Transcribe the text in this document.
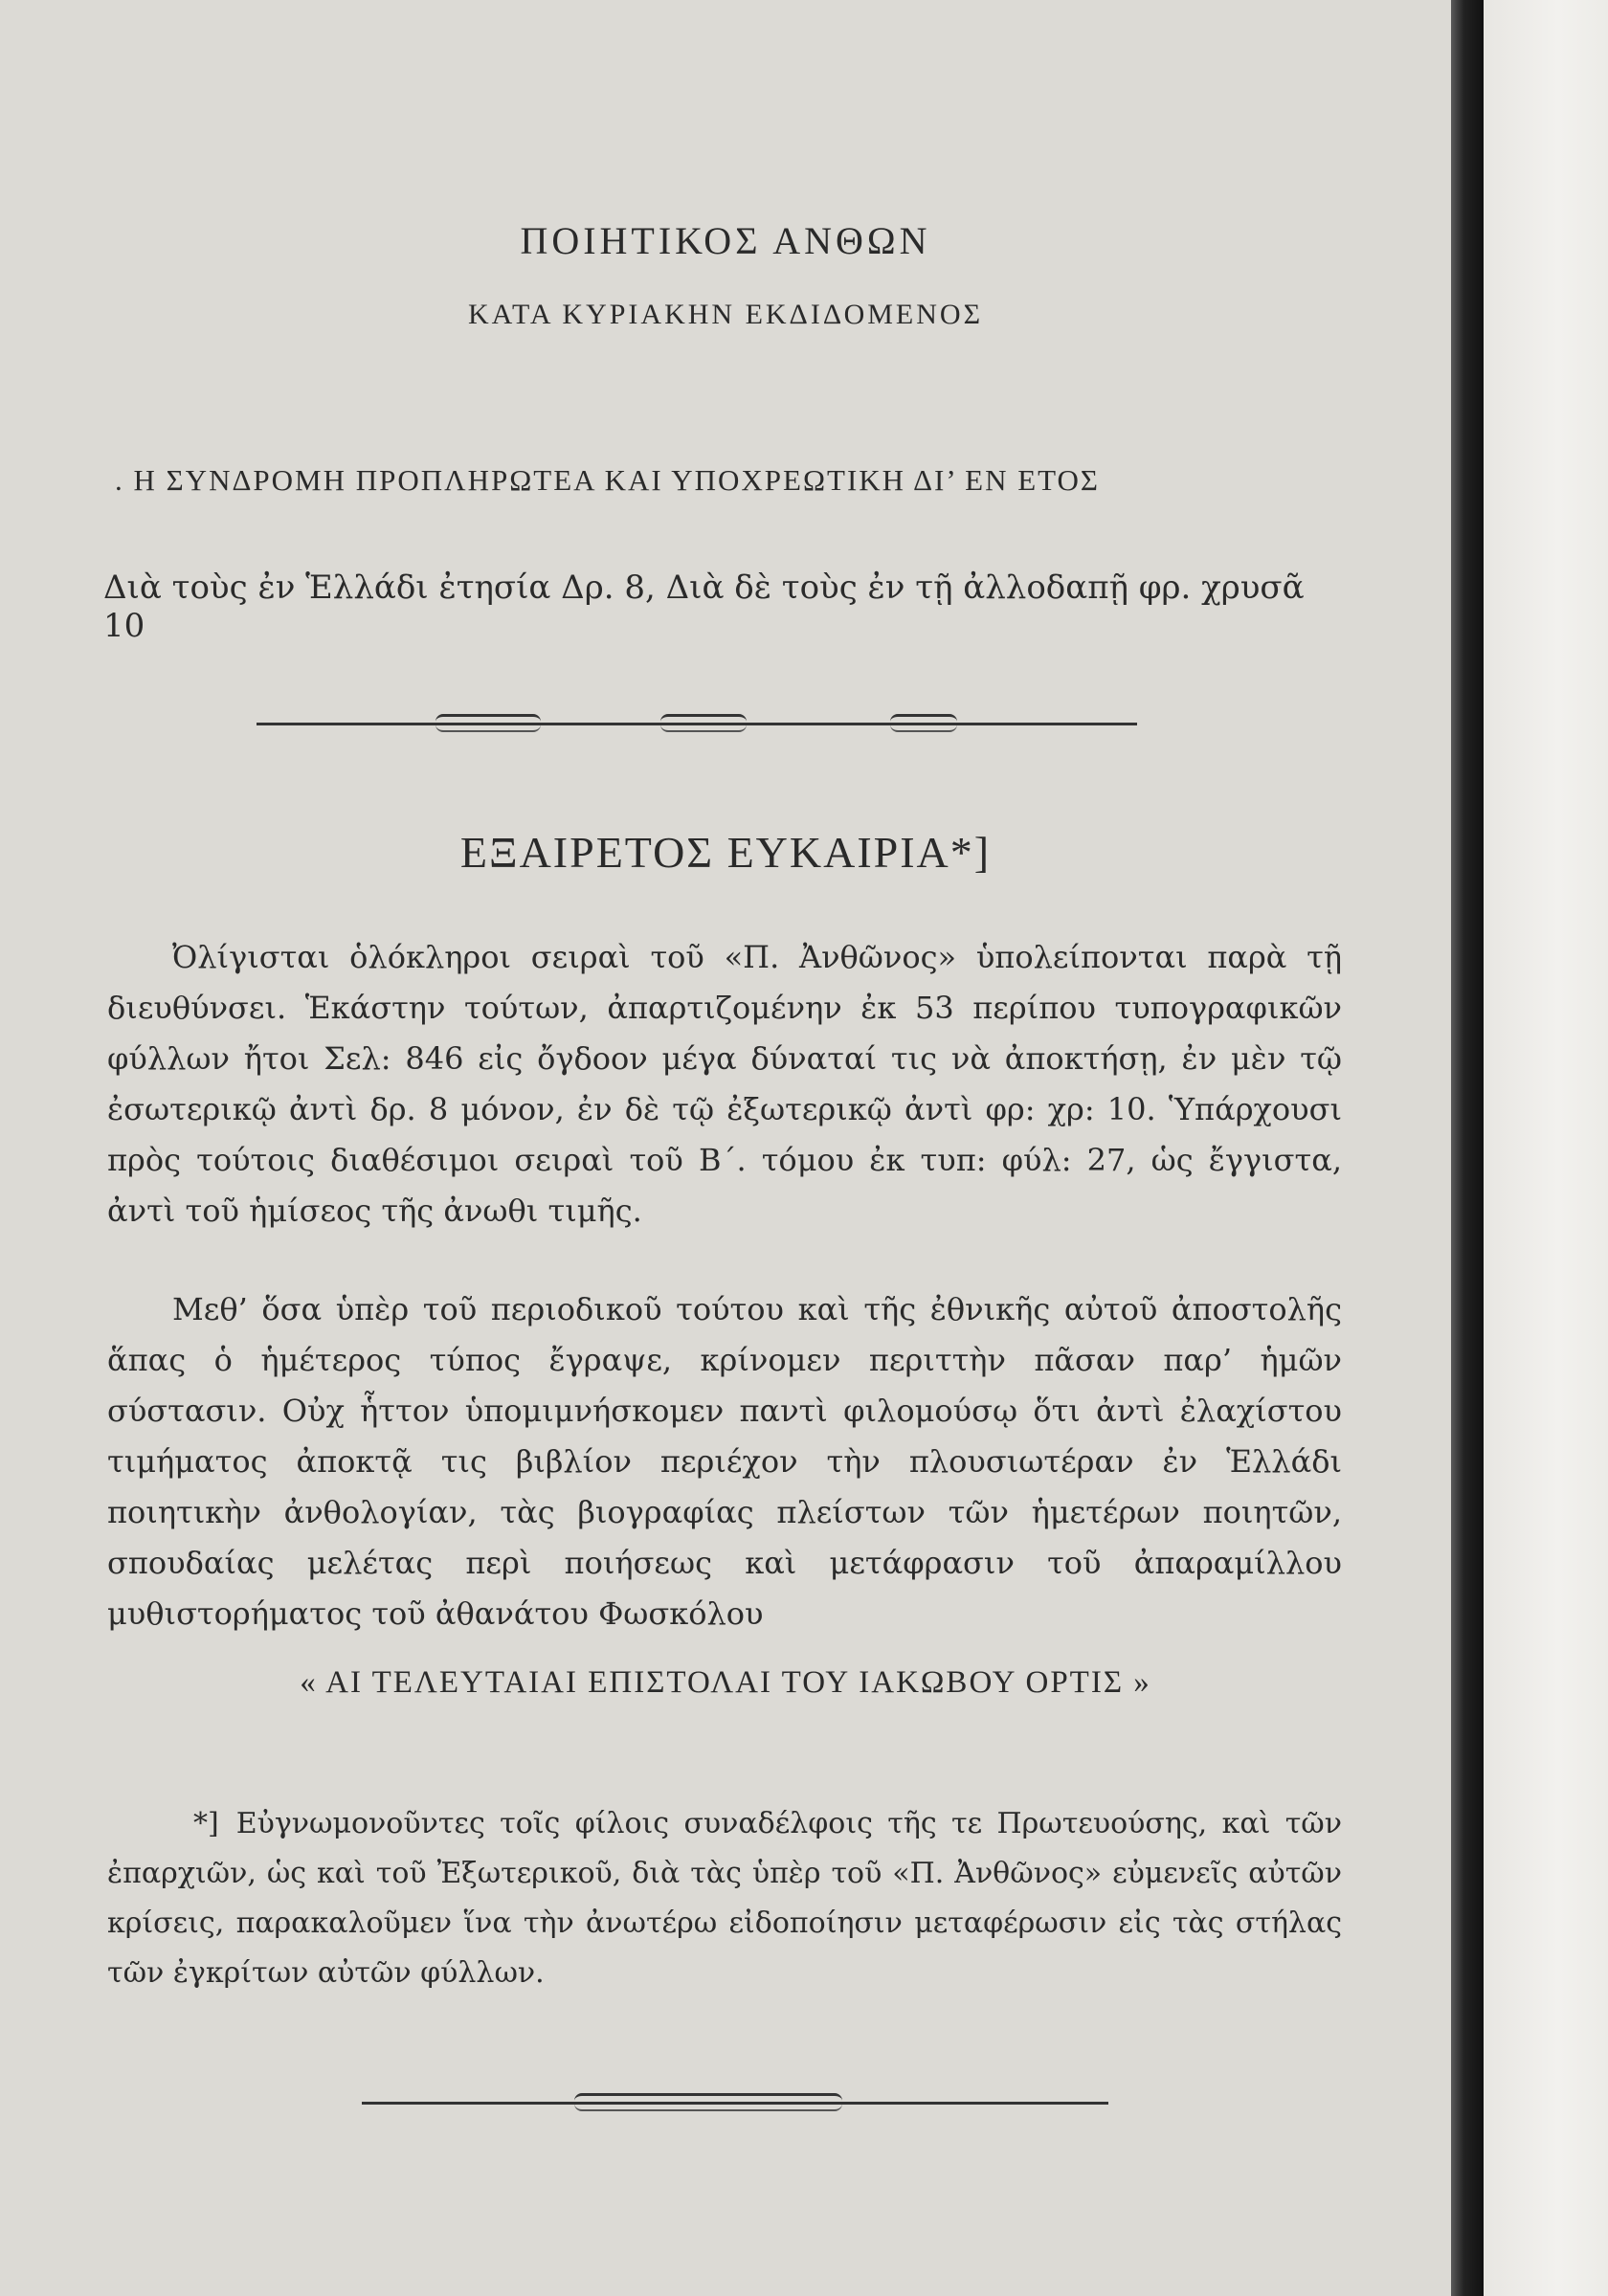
ΠΟΙΗΤΙΚΟΣ ΑΝΘΩΝ
ΚΑΤΑ ΚΥΡΙΑΚΗΝ ΕΚΔΙΔΟΜΕΝΟΣ
. Η ΣΥΝΔΡΟΜΗ ΠΡΟΠΛΗΡΩΤΕΑ ΚΑΙ ΥΠΟΧΡΕΩΤΙΚΗ ΔΙ’ ΕΝ ΕΤΟΣ
Διὰ τοὺς ἐν Ἑλλάδι ἐτησία Δρ. 8, Διὰ δὲ τοὺς ἐν τῇ ἀλλοδαπῇ φρ. χρυσᾶ 10
ΕΞΑΙΡΕΤΟΣ ΕΥΚΑΙΡΙΑ*]
Ὀλίγισται ὁλόκληροι σειραὶ τοῦ «Π. Ἀνθῶνος» ὑπολείπονται παρὰ τῇ διευθύνσει. Ἑκάστην τούτων, ἀπαρτιζομένην ἐκ 53 περίπου τυπογραφικῶν φύλλων ἤτοι Σελ: 846 εἰς ὄγδοον μέγα δύναταί τις νὰ ἀποκτήσῃ, ἐν μὲν τῷ ἐσωτερικῷ ἀντὶ δρ. 8 μόνον, ἐν δὲ τῷ ἐξωτερικῷ ἀντὶ φρ: χρ: 10. Ὑπάρχουσι πρὸς τούτοις διαθέσιμοι σειραὶ τοῦ Β΄. τόμου ἐκ τυπ: φύλ: 27, ὡς ἔγγιστα, ἀντὶ τοῦ ἡμίσεος τῆς ἀνωθι τιμῆς.
Μεθ’ ὅσα ὑπὲρ τοῦ περιοδικοῦ τούτου καὶ τῆς ἐθνικῆς αὐτοῦ ἀποστολῆς ἅπας ὁ ἡμέτερος τύπος ἔγραψε, κρίνομεν περιττὴν πᾶσαν παρ’ ἡμῶν σύστασιν. Οὐχ ἧττον ὑπομιμνήσκομεν παντὶ φιλομούσῳ ὅτι ἀντὶ ἐλαχίστου τιμήματος ἀποκτᾷ τις βιβλίον περιέχον τὴν πλουσιωτέραν ἐν Ἑλλάδι ποιητικὴν ἀνθολογίαν, τὰς βιογραφίας πλείστων τῶν ἡμετέρων ποιητῶν, σπουδαίας μελέτας περὶ ποιήσεως καὶ μετάφρασιν τοῦ ἀπαραμίλλου μυθιστορήματος τοῦ ἀθανάτου Φωσκόλου
« ΑΙ ΤΕΛΕΥΤΑΙΑΙ ΕΠΙΣΤΟΛΑΙ ΤΟΥ ΙΑΚΩΒΟΥ ΟΡΤΙΣ »
*] Εὐγνωμονοῦντες τοῖς φίλοις συναδέλφοις τῆς τε Πρωτευούσης, καὶ τῶν ἐπαρχιῶν, ὡς καὶ τοῦ Ἐξωτερικοῦ, διὰ τὰς ὑπὲρ τοῦ «Π. Ἀνθῶνος» εὐμενεῖς αὐτῶν κρίσεις, παρακαλοῦμεν ἵνα τὴν ἀνωτέρω εἰδοποίησιν μεταφέρωσιν εἰς τὰς στήλας τῶν ἐγκρίτων αὐτῶν φύλλων.
